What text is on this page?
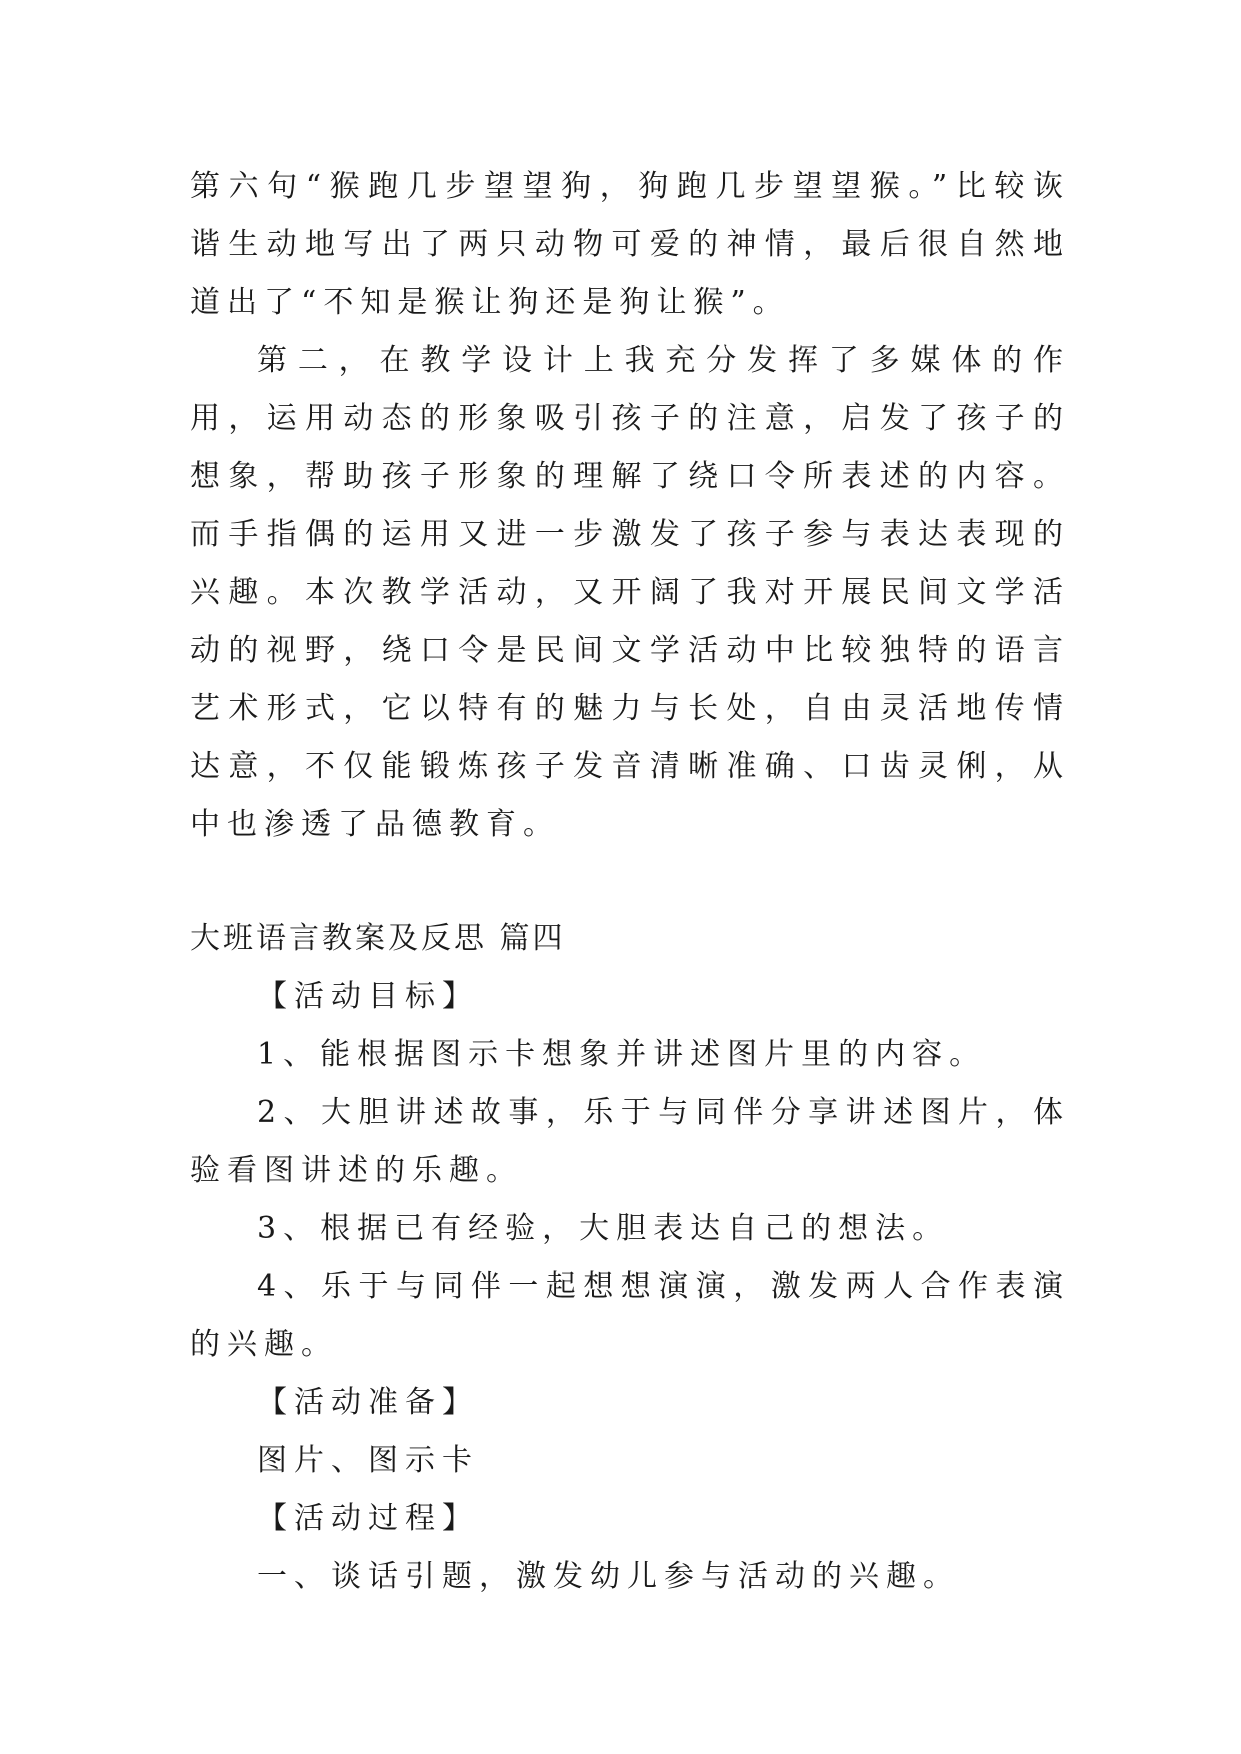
第六句“猴跑几步望望狗，狗跑几步望望猴。”比较诙谐生动地写出了两只动物可爱的神情，最后很自然地道出了“不知是猴让狗还是狗让猴”。

第二，在教学设计上我充分发挥了多媒体的作用，运用动态的形象吸引孩子的注意，启发了孩子的想象，帮助孩子形象的理解了绕口令所表述的内容。而手指偶的运用又进一步激发了孩子参与表达表现的兴趣。本次教学活动，又开阔了我对开展民间文学活动的视野，绕口令是民间文学活动中比较独特的语言艺术形式，它以特有的魅力与长处，自由灵活地传情达意，不仅能锻炼孩子发音清晰准确、口齿灵俐，从中也渗透了品德教育。

大班语言教案及反思 篇四

【活动目标】

1、能根据图示卡想象并讲述图片里的内容。

2、大胆讲述故事，乐于与同伴分享讲述图片，体验看图讲述的乐趣。

3、根据已有经验，大胆表达自己的想法。

4、乐于与同伴一起想想演演，激发两人合作表演的兴趣。

【活动准备】

图片、图示卡

【活动过程】

一、谈话引题，激发幼儿参与活动的兴趣。
